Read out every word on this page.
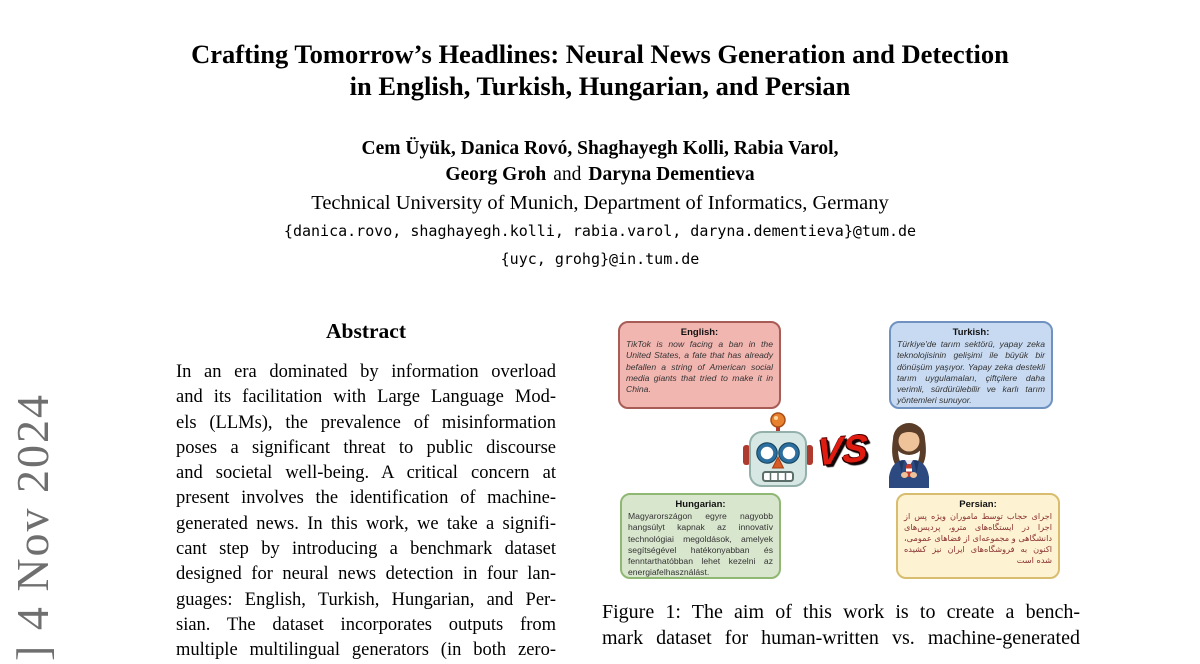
] 4 Nov 2024
Crafting Tomorrow’s Headlines: Neural News Generation and Detection
in English, Turkish, Hungarian, and Persian
Cem Üyük, Danica Rovó, Shaghayegh Kolli, Rabia Varol,
Georg Groh and Daryna Dementieva
Technical University of Munich, Department of Informatics, Germany
{danica.rovo, shaghayegh.kolli, rabia.varol, daryna.dementieva}@tum.de
{uyc, grohg}@in.tum.de
Abstract
In an era dominated by information overload
and its facilitation with Large Language Mod-
els (LLMs), the prevalence of misinformation
poses a significant threat to public discourse
and societal well-being. A critical concern at
present involves the identification of machine-
generated news. In this work, we take a signifi-
cant step by introducing a benchmark dataset
designed for neural news detection in four lan-
guages: English, Turkish, Hungarian, and Per-
sian. The dataset incorporates outputs from
multiple multilingual generators (in both zero-
English:
TikTok is now facing a ban in the United States, a fate that has already befallen a string of American social media giants that tried to make it in China.
Turkish:
Türkiye'de tarım sektörü, yapay zeka teknolojisinin gelişimi ile büyük bir dönüşüm yaşıyor. Yapay zeka destekli tarım uygulamaları, çiftçilere daha verimli, sürdürülebilir ve karlı tarım yöntemleri sunuyor.
VS
Hungarian:
Magyarországon egyre nagyobb hangsúlyt kapnak az innovatív technológiai megoldások, amelyek segítségével hatékonyabban és fenntarthatóbban lehet kezelni az energiafelhasználást.
Persian:
اجرای حجاب توسط ماموران ویژه پس از اجرا در ایستگاه‌های مترو، پردیس‌های دانشگاهی و مجموعه‌ای از فضاهای عمومی، اکنون به فروشگاه‌های ایران نیز کشیده شده است
Figure 1: The aim of this work is to create a bench-
mark dataset for human-written vs. machine-generated
